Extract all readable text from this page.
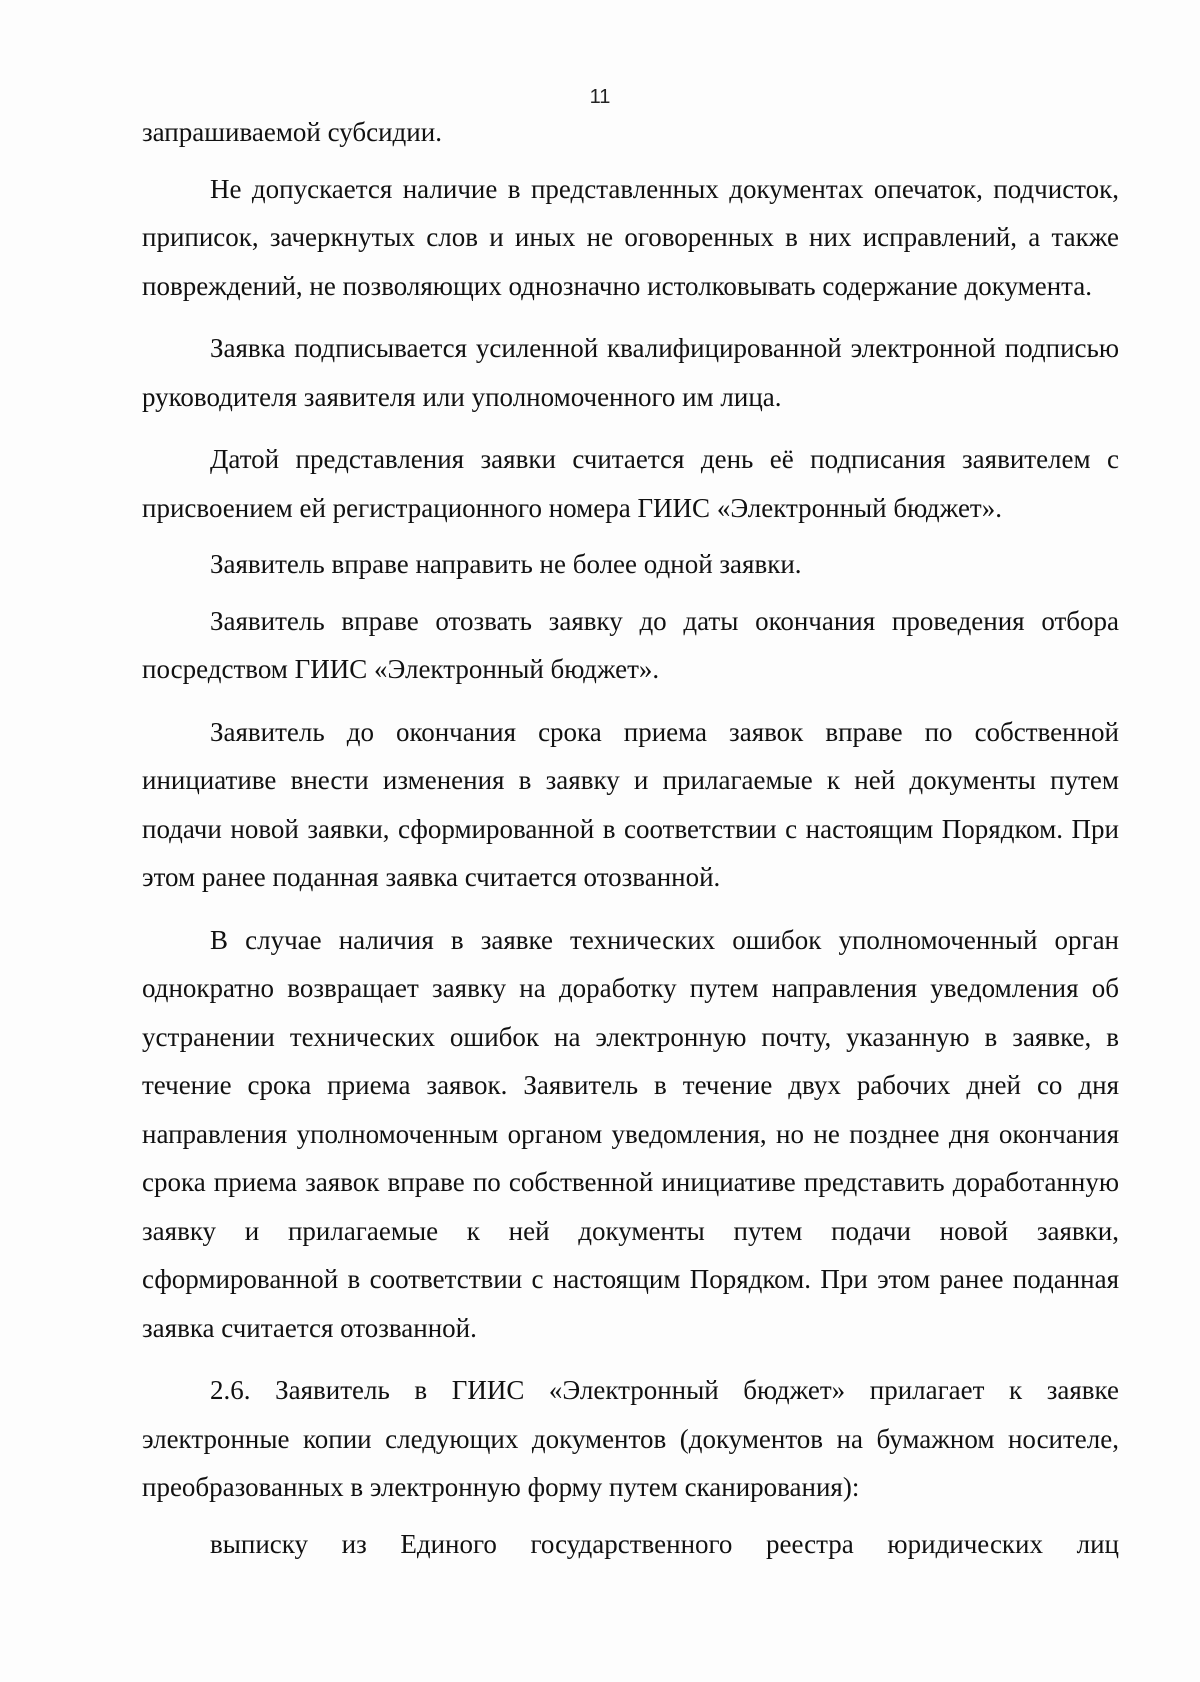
11

запрашиваемой субсидии.

Не допускается наличие в представленных документах опечаток, подчисток, приписок, зачеркнутых слов и иных не оговоренных в них исправлений, а также повреждений, не позволяющих однозначно истолковывать содержание документа.

Заявка подписывается усиленной квалифицированной электронной подписью руководителя заявителя или уполномоченного им лица.

Датой представления заявки считается день её подписания заявителем с присвоением ей регистрационного номера ГИИС «Электронный бюджет».

Заявитель вправе направить не более одной заявки.

Заявитель вправе отозвать заявку до даты окончания проведения отбора посредством ГИИС «Электронный бюджет».

Заявитель до окончания срока приема заявок вправе по собственной инициативе внести изменения в заявку и прилагаемые к ней документы путем подачи новой заявки, сформированной в соответствии с настоящим Порядком. При этом ранее поданная заявка считается отозванной.

В случае наличия в заявке технических ошибок уполномоченный орган однократно возвращает заявку на доработку путем направления уведомления об устранении технических ошибок на электронную почту, указанную в заявке, в течение срока приема заявок. Заявитель в течение двух рабочих дней со дня направления уполномоченным органом уведомления, но не позднее дня окончания срока приема заявок вправе по собственной инициативе представить доработанную заявку и прилагаемые к ней документы путем подачи новой заявки, сформированной в соответствии с настоящим Порядком. При этом ранее поданная заявка считается отозванной.

2.6. Заявитель в ГИИС «Электронный бюджет» прилагает к заявке электронные копии следующих документов (документов на бумажном носителе, преобразованных в электронную форму путем сканирования):

выписку из Единого государственного реестра юридических лиц
